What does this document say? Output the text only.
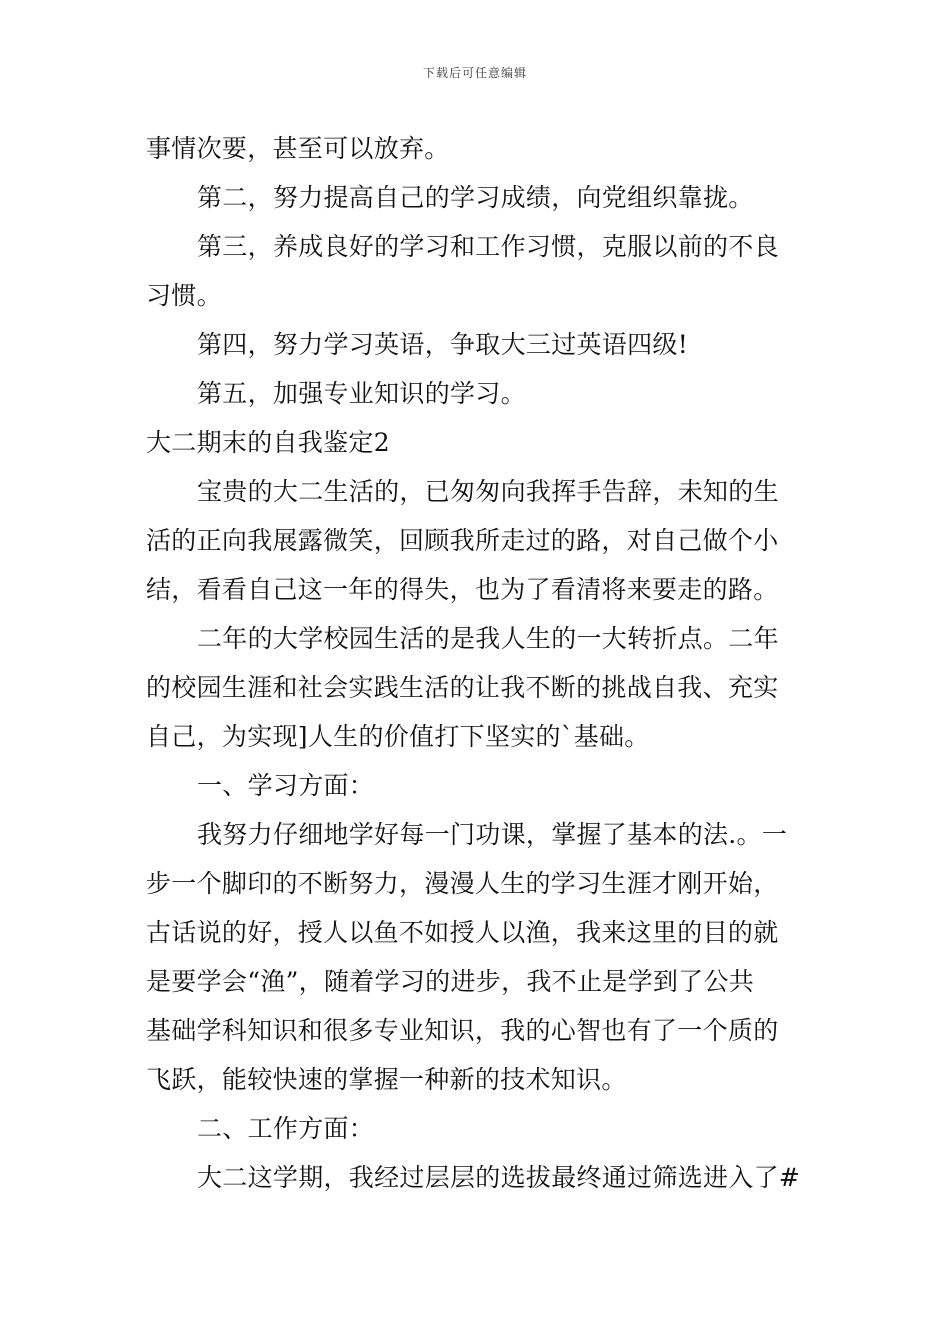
下载后可任意编辑
事情次要，甚至可以放弃。
第二，努力提高自己的学习成绩，向党组织靠拢。
第三，养成良好的学习和工作习惯，克服以前的不良
习惯。
第四，努力学习英语，争取大三过英语四级!
第五，加强专业知识的学习。
大二期末的自我鉴定2
宝贵的大二生活的，已匆匆向我挥手告辞，未知的生
活的正向我展露微笑，回顾我所走过的路，对自己做个小
结，看看自己这一年的得失，也为了看清将来要走的路。
二年的大学校园生活的是我人生的一大转折点。二年
的校园生涯和社会实践生活的让我不断的挑战自我、充实
自己，为实现]人生的价值打下坚实的`基础。
一、学习方面：
我努力仔细地学好每一门功课，掌握了基本的法.。一
步一个脚印的不断努力，漫漫人生的学习生涯才刚开始，
古话说的好，授人以鱼不如授人以渔，我来这里的目的就
是要学会“渔”，随着学习的进步，我不止是学到了公共
基础学科知识和很多专业知识，我的心智也有了一个质的
飞跃，能较快速的掌握一种新的技术知识。
二、工作方面：
大二这学期，我经过层层的选拔最终通过筛选进入了#
